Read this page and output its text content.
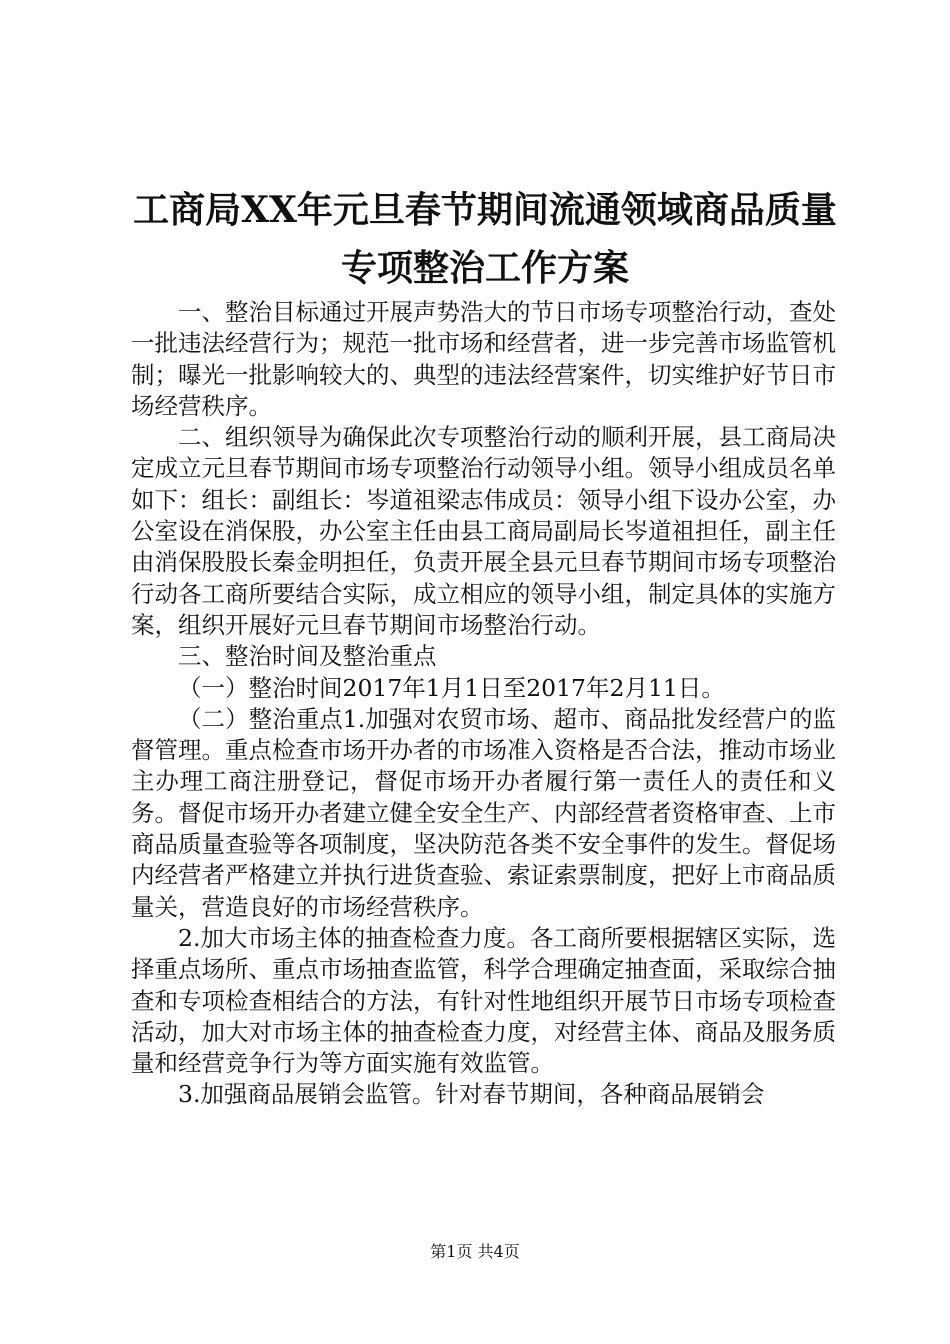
工商局XX年元旦春节期间流通领域商品质量
专项整治工作方案

一、整治目标通过开展声势浩大的节日市场专项整治行动，查处一批违法经营行为；规范一批市场和经营者，进一步完善市场监管机制；曝光一批影响较大的、典型的违法经营案件，切实维护好节日市场经营秩序。

二、组织领导为确保此次专项整治行动的顺利开展，县工商局决定成立元旦春节期间市场专项整治行动领导小组。领导小组成员名单如下：组长：副组长：岑道祖梁志伟成员：领导小组下设办公室，办公室设在消保股，办公室主任由县工商局副局长岑道祖担任，副主任由消保股股长秦金明担任，负责开展全县元旦春节期间市场专项整治行动各工商所要结合实际，成立相应的领导小组，制定具体的实施方案，组织开展好元旦春节期间市场整治行动。

三、整治时间及整治重点

（一）整治时间2017年1月1日至2017年2月11日。

（二）整治重点1.加强对农贸市场、超市、商品批发经营户的监督管理。重点检查市场开办者的市场准入资格是否合法，推动市场业主办理工商注册登记，督促市场开办者履行第一责任人的责任和义务。督促市场开办者建立健全安全生产、内部经营者资格审查、上市商品质量查验等各项制度，坚决防范各类不安全事件的发生。督促场内经营者严格建立并执行进货查验、索证索票制度，把好上市商品质量关，营造良好的市场经营秩序。

2.加大市场主体的抽查检查力度。各工商所要根据辖区实际，选择重点场所、重点市场抽查监管，科学合理确定抽查面，采取综合抽查和专项检查相结合的方法，有针对性地组织开展节日市场专项检查活动，加大对市场主体的抽查检查力度，对经营主体、商品及服务质量和经营竞争行为等方面实施有效监管。

3.加强商品展销会监管。针对春节期间，各种商品展销会

第1页 共4页
